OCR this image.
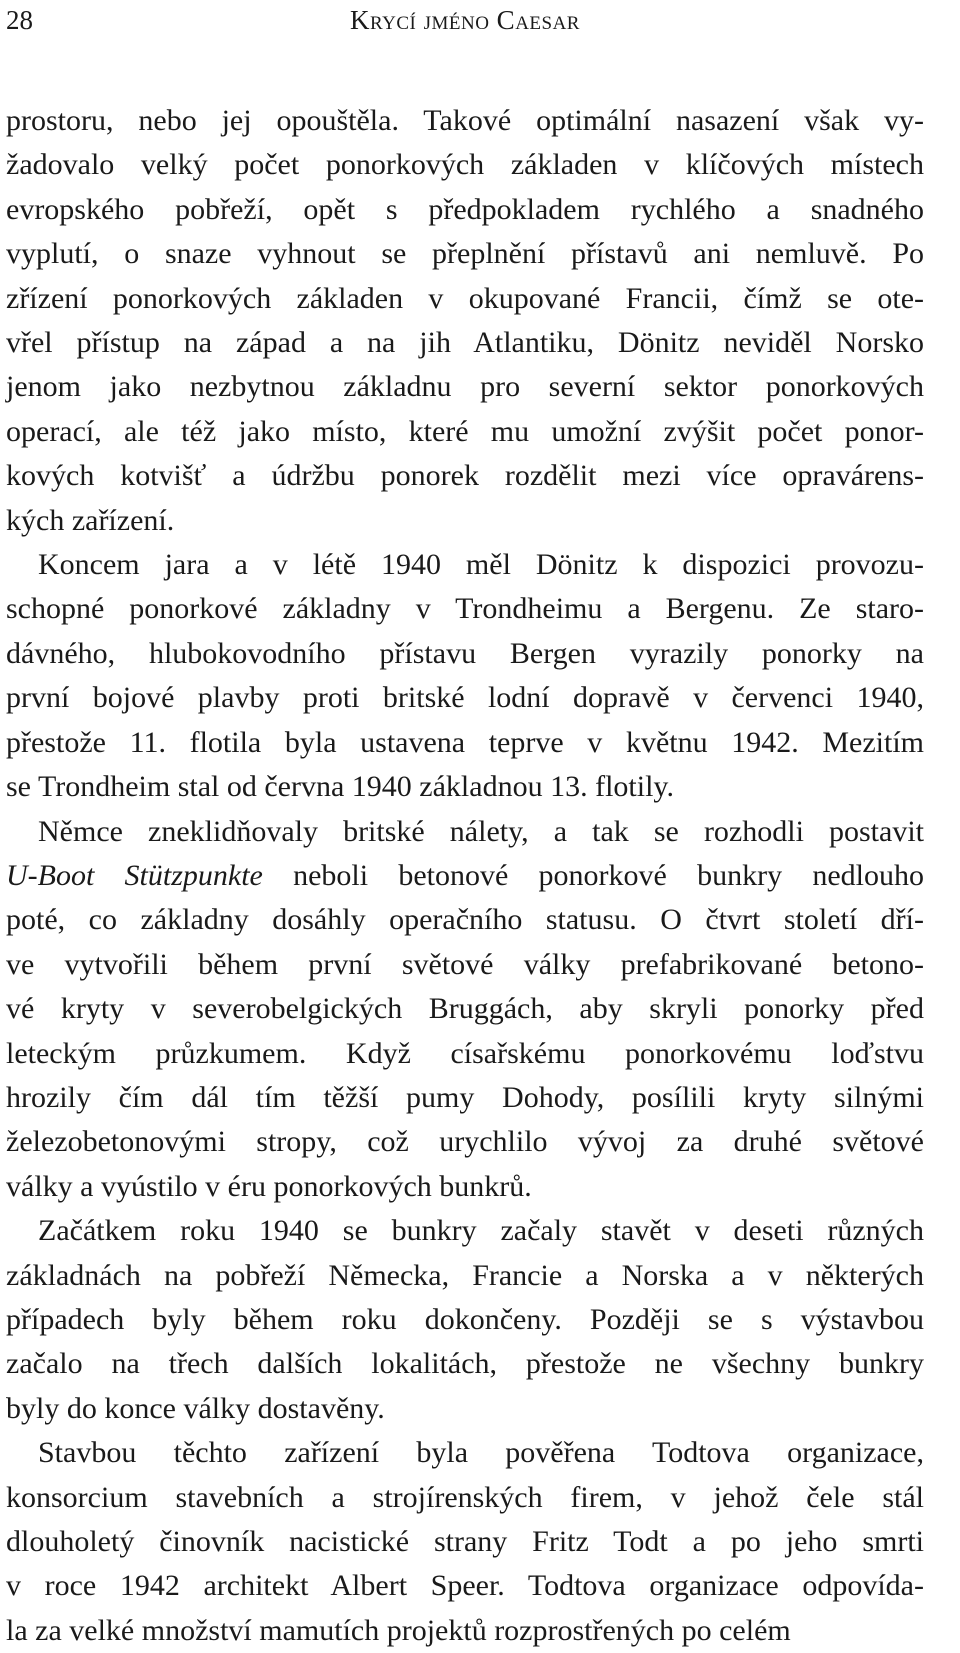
28	Krycí jméno Caesar

prostoru, nebo jej opouštěla. Takové optimální nasazení však vy-
žadovalo velký počet ponorkových základen v klíčových místech
evropského pobřeží, opět s předpokladem rychlého a snadného
vyplutí, o snaze vyhnout se přeplnění přístavů ani nemluvě. Po
zřízení ponorkových základen v okupované Francii, čímž se ote-
vřel přístup na západ a na jih Atlantiku, Dönitz neviděl Norsko
jenom jako nezbytnou základnu pro severní sektor ponorkových
operací, ale též jako místo, které mu umožní zvýšit počet ponor-
kových kotvišť a údržbu ponorek rozdělit mezi více opravárens-
kých zařízení.

Koncem jara a v létě 1940 měl Dönitz k dispozici provozu-
schopné ponorkové základny v Trondheimu a Bergenu. Ze staro-
dávného, hlubokovodního přístavu Bergen vyrazily ponorky na
první bojové plavby proti britské lodní dopravě v červenci 1940,
přestože 11. flotila byla ustavena teprve v květnu 1942. Mezitím
se Trondheim stal od června 1940 základnou 13. flotily.

Němce zneklidňovaly britské nálety, a tak se rozhodli postavit
U-Boot Stützpunkte neboli betonové ponorkové bunkry nedlouho
poté, co základny dosáhly operačního statusu. O čtvrt století dří-
ve vytvořili během první světové války prefabrikované betono-
vé kryty v severobelgických Bruggách, aby skryli ponorky před
leteckým průzkumem. Když císařskému ponorkovému loďstvu
hrozily čím dál tím těžší pumy Dohody, posílili kryty silnými
železobetonovými stropy, což urychlilo vývoj za druhé světové
války a vyústilo v éru ponorkových bunkrů.

Začátkem roku 1940 se bunkry začaly stavět v deseti různých
základnách na pobřeží Německa, Francie a Norska a v některých
případech byly během roku dokončeny. Později se s výstavbou
začalo na třech dalších lokalitách, přestože ne všechny bunkry
byly do konce války dostavěny.

Stavbou těchto zařízení byla pověřena Todtova organizace,
konsorcium stavebních a strojírenských firem, v jehož čele stál
dlouholetý činovník nacistické strany Fritz Todt a po jeho smrti
v roce 1942 architekt Albert Speer. Todtova organizace odpovída-
la za velké množství mamutích projektů rozprostřených po celém
